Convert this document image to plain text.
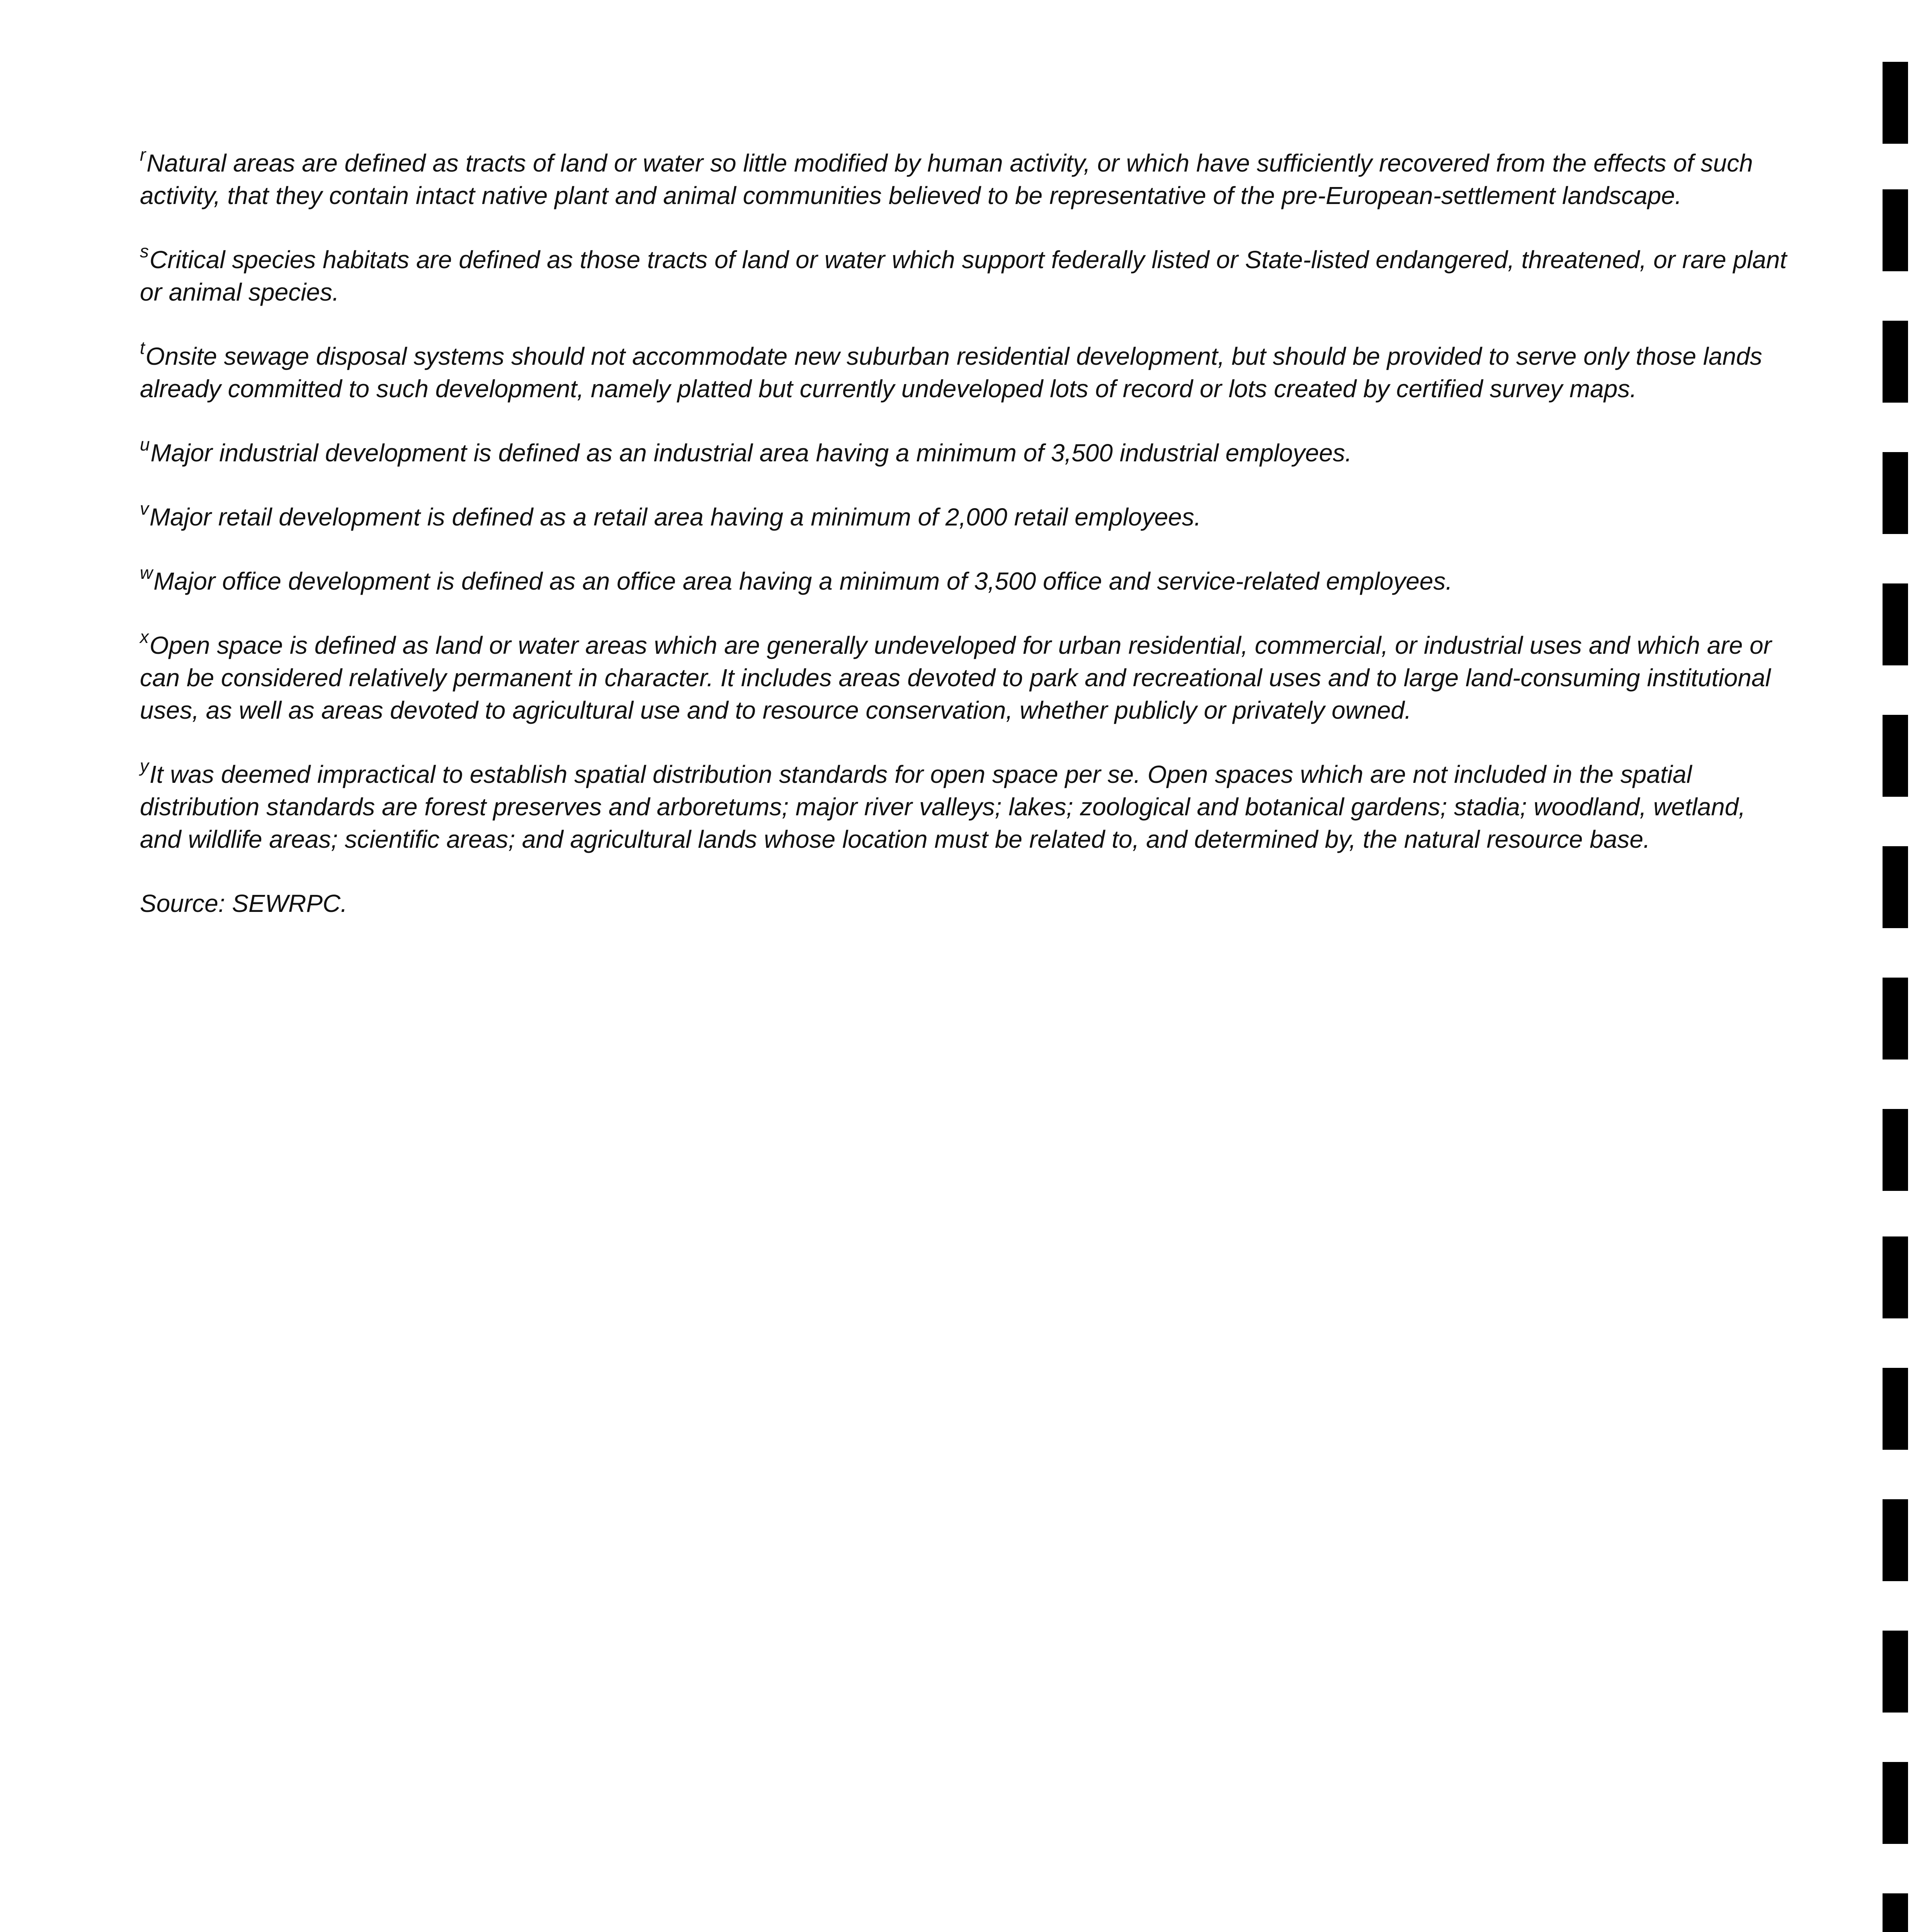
$^r$Natural areas are defined as tracts of land or water so little modified by human activity, or which have sufficiently recovered from the effects of such activity, that they contain intact native plant and animal communities believed to be representative of the pre-European-settlement landscape.

$^s$Critical species habitats are defined as those tracts of land or water which support federally listed or State-listed endangered, threatened, or rare plant or animal species.

$^t$Onsite sewage disposal systems should not accommodate new suburban residential development, but should be provided to serve only those lands already committed to such development, namely platted but currently undeveloped lots of record or lots created by certified survey maps.

$^u$Major industrial development is defined as an industrial area having a minimum of 3,500 industrial employees.

$^v$Major retail development is defined as a retail area having a minimum of 2,000 retail employees.

$^w$Major office development is defined as an office area having a minimum of 3,500 office and service-related employees.

$^x$Open space is defined as land or water areas which are generally undeveloped for urban residential, commercial, or industrial uses and which are or can be considered relatively permanent in character. It includes areas devoted to park and recreational uses and to large land-consuming institutional uses, as well as areas devoted to agricultural use and to resource conservation, whether publicly or privately owned.

$^y$It was deemed impractical to establish spatial distribution standards for open space per se. Open spaces which are not included in the spatial distribution standards are forest preserves and arboretums; major river valleys; lakes; zoological and botanical gardens; stadia; woodland, wetland, and wildlife areas; scientific areas; and agricultural lands whose location must be related to, and determined by, the natural resource base.

Source: SEWRPC.
